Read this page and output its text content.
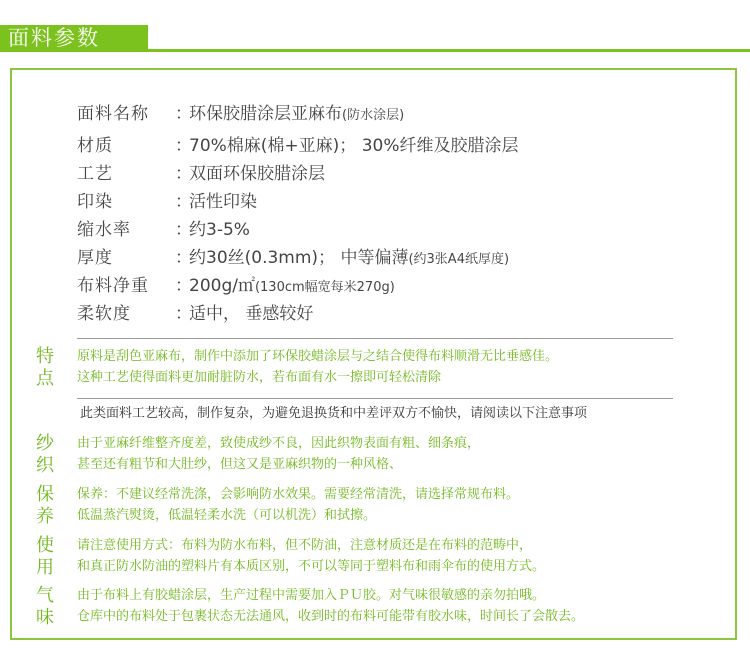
面料参数
面料名称 ：环保胶腊涂层亚麻布(防水涂层)
材质	：70%棉麻(棉+亚麻)； 30%纤维及胶腊涂层
工艺	：双面环保胶腊涂层
印染	：活性印染
缩水率	：约3-5%
厚度	：约30丝(0.3mm)； 中等偏薄(约3张A4纸厚度)
布料净重 ：200g/㎡(130cm幅宽每米270g)
柔软度	：适中， 垂感较好
特
点
原料是刮色亚麻布，制作中添加了环保胶蜡涂层与之结合使得布料顺滑无比垂感佳。
这种工艺使得面料更加耐脏防水，若布面有水一擦即可轻松清除
此类面料工艺较高，制作复杂，为避免退换货和中差评双方不愉快，请阅读以下注意事项
纱
织
由于亚麻纤维整齐度差，致使成纱不良，因此织物表面有粗、细条痕，
甚至还有粗节和大肚纱，但这又是亚麻织物的一种风格、
保
养
保养：不建议经常洗涤，会影响防水效果。需要经常清洗，请选择常规布料。
低温蒸汽熨烫，低温轻柔水洗（可以机洗）和拭擦。
使
用
请注意使用方式：布料为防水布料，但不防油，注意材质还是在布料的范畴中，
和真正防水防油的塑料片有本质区别，不可以等同于塑料布和雨伞布的使用方式。
气
味
由于布料上有胶蜡涂层，生产过程中需要加入ＰＵ胶。对气味很敏感的亲勿拍哦。
仓库中的布料处于包裹状态无法通风，收到时的布料可能带有胶水味，时间长了会散去。
